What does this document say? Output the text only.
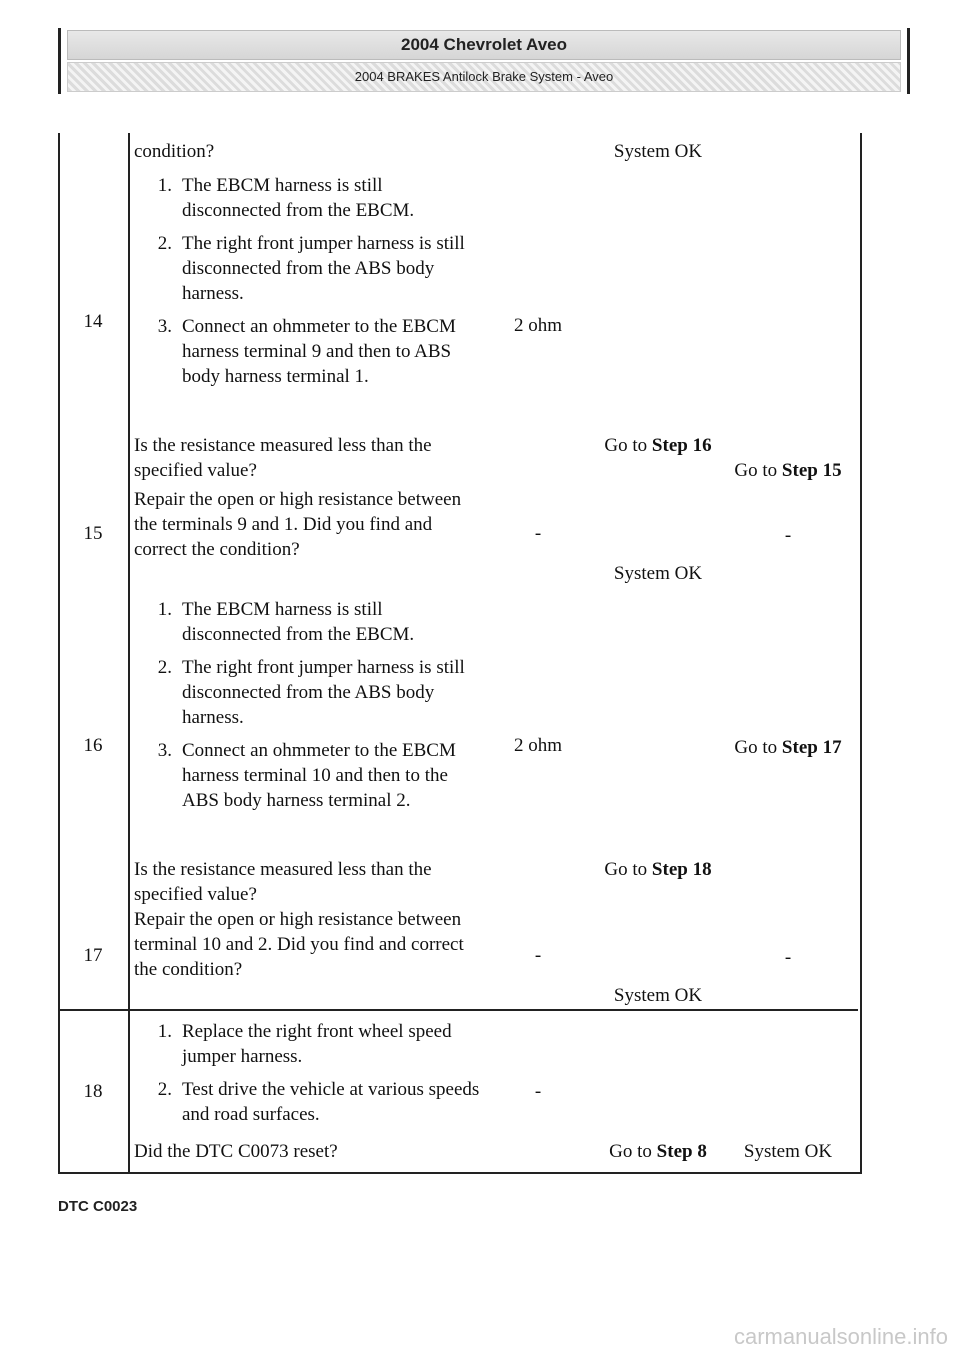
2004 Chevrolet Aveo
2004 BRAKES Antilock Brake System - Aveo
condition?	System OK
14
1. The EBCM harness is still disconnected from the EBCM.
2. The right front jumper harness is still disconnected from the ABS body harness.
3. Connect an ohmmeter to the EBCM harness terminal 9 and then to ABS body harness terminal 1.
Is the resistance measured less than the specified value?
2 ohm
Go to Step 16
Go to Step 15
15
Repair the open or high resistance between the terminals 9 and 1. Did you find and correct the condition?
-
System OK
-
16
1. The EBCM harness is still disconnected from the EBCM.
2. The right front jumper harness is still disconnected from the ABS body harness.
3. Connect an ohmmeter to the EBCM harness terminal 10 and then to the ABS body harness terminal 2.
Is the resistance measured less than the specified value?
2 ohm
Go to Step 18
Go to Step 17
17
Repair the open or high resistance between terminal 10 and 2. Did you find and correct the condition?
-
System OK
-
18
1. Replace the right front wheel speed jumper harness.
2. Test drive the vehicle at various speeds and road surfaces.
Did the DTC C0073 reset?
-
Go to Step 8	System OK
DTC C0023
carmanualsonline.info
